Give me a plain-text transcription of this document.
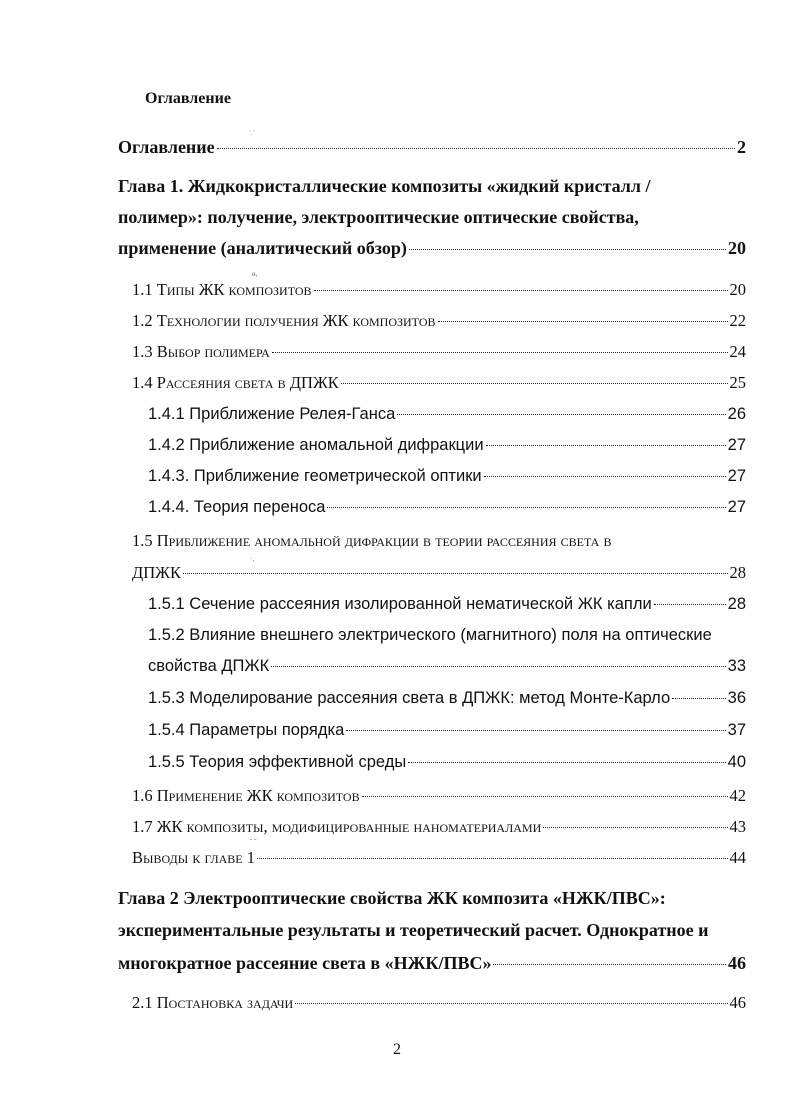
Оглавление
ˑ̣ ˑ
Оглавление	2
Глава 1. Жидкокристаллические композиты «жидкий кристалл /
полимер»: получение, электрооптические оптические свойства,
применение (аналитический обзор)	20
ɵ,
1.1 Типы ЖК композитов	20
1.2 Технологии получения ЖК композитов	22
1.3 Выбор полимера	24
1.4 Рассеяния света в ДПЖК	25
1.4.1 Приближение Релея-Ганса	26
1.4.2 Приближение аномальной дифракции	27
1.4.3. Приближение геометрической оптики	27
1.4.4. Теория переноса	27
1.5 Приближение аномальной дифракции в теории рассеяния света в
ˈ·
ДПЖК	28
1.5.1 Сечение рассеяния изолированной нематической ЖК капли	28
1.5.2 Влияние внешнего электрического (магнитного) поля на оптические
свойства ДПЖК	33
1.5.3 Моделирование рассеяния света в ДПЖК: метод Монте-Карло	36
1.5.4 Параметры порядка	37
1.5.5 Теория эффективной среды	40
1.6 Применение ЖК композитов	42
1.7 ЖК композиты, модифицированные наноматериалами	43
ˇ ˇ
Выводы к главе 1	44
Глава 2 Электрооптические свойства ЖК композита «НЖК/ПВС»:
экспериментальные результаты и теоретический расчет. Однократное и
многократное рассеяние света в «НЖК/ПВС»	46
2.1 Постановка задачи	46
2
